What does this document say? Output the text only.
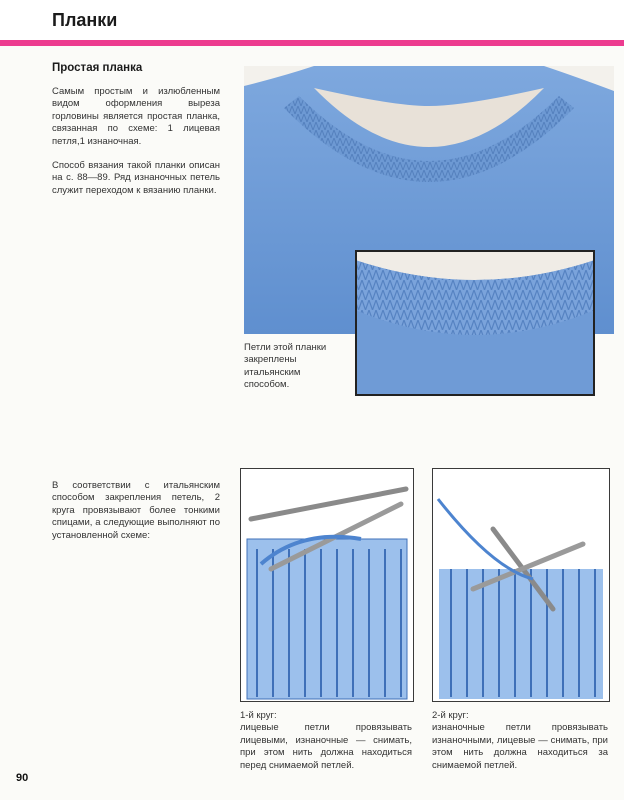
Планки
Простая планка
Самым простым и излюбленным видом оформления выреза горловины является простая планка, связанная по схеме: 1 лицевая петля,1 изнаночная.
Способ вязания такой планки описан на с. 88—89. Ряд изнаночных петель служит переходом к вязанию планки.
Петли этой планки закреплены итальянским способом.
В соответствии с итальянским способом закрепления петель, 2 круга провязывают более тонкими спицами, а следующие выполняют по установленной схеме:
1-й круг:
лицевые петли провязывать лицевыми, изнаночные — снимать, при этом нить должна находиться перед снимаемой петлей.
2-й круг:
изнаночные петли провязывать изнаночными, лицевые — снимать, при этом нить должна находиться за снимаемой петлей.
90
